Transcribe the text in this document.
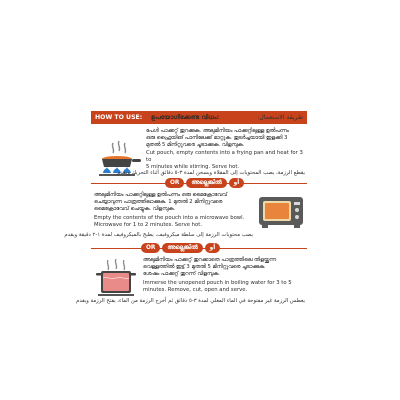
HOW TO USE: ഉപയോഗിക്കേണ്ട വിധം:	طريقة الاستعمال:
പേൾ പാക്കറ്റ് തുറക്കുക. അലുമിനിയം പാക്കറ്റിലുള്ള ഉൽപന്നം
ഒരു ഫ്രൈയിങ് പാനിലേക്ക് മാറ്റുക. തുടർച്ചയായി ഇളക്കി 3
മുതൽ 5 മിനിറ്റുവരെ ചൂടാക്കുക. വിളമ്പുക.
Cut pouch, empty contents into a frying pan and heat for 3 to
5 minutes while stirring. Serve hot.
يقطع الرزمة، يصب المحتويات إلى المقلاة ويسخن لمدة ٣-٥ دقائق أثناء التحريك ويقدم
OR അല്ലെങ്കിൽ أو
അലുമിനിയം പാക്കറ്റിലുള്ള ഉൽപന്നം ഒരു മൈക്രോവേവ്
ചെയ്യാവുന്ന പാത്രത്തിലാക്കുക. 1 മുതൽ 2 മിനിറ്റുവരെ
മൈക്രോവേവ് ചെയ്യുക. വിളമ്പുക.
Empty the contents of the pouch into a microwave bowl.
Microwave for 1 to 2 minutes. Serve hot.
يصب محتويات الرزمة إلى سلطة ميكروفيف، يطبخ بالميكروفيف لمدة ١-٢ دقيقة ويقدم
OR അല്ലെങ്കിൽ أو
അലുമിനിയം പാക്കറ്റ് തുറക്കാതെ പാത്രത്തിലെ തിളയ്ക്കുന്ന
വെള്ളത്തിൽ ഇട്ട് 3 മുതൽ 5 മിനിറ്റുവരെ ചൂടാക്കുക.
ശേഷം പാക്കറ്റ് തുറന്ന് വിളമ്പുക.
Immerse the unopened pouch in boiling water for 3 to 5
minutes. Remove, cut, open and serve.
يغطس الرزمة غير مفتوحة في الماء المغلي لمدة ٣-٥ دقائق ثم أخرج الرزمة من الماء، يفتح الرزمة ويقدم
